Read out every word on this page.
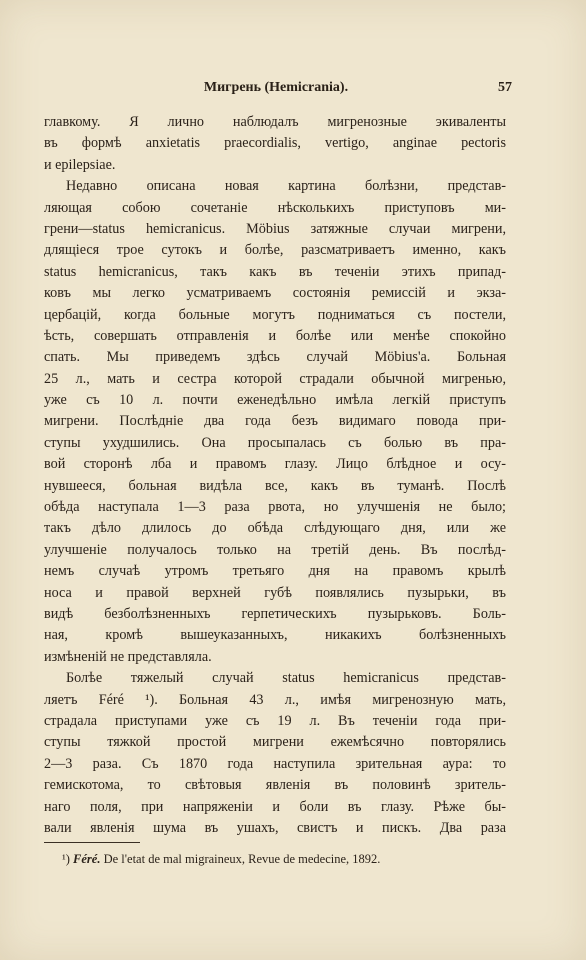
Мигрень (Hemicrania).	57
главкому. Я лично наблюдалъ мигренозные экиваленты
въ формѣ anxietatis praecordialis, vertigo, anginae pectoris
и epilepsiae.
Недавно описана новая картина болѣзни, представ-
ляющая собою сочетаніе нѣсколькихъ приступовъ ми-
грени—status hemicranicus. Möbius затяжные случаи мигрени,
длящіеся трое сутокъ и болѣе, разсматриваетъ именно, какъ
status hemicranicus, такъ какъ въ теченіи этихъ припад-
ковъ мы легко усматриваемъ состоянія ремиссій и экза-
цербацій, когда больные могутъ подниматься съ постели,
ѣсть, совершать отправленія и болѣе или менѣе спокойно
спать. Мы приведемъ здѣсь случай Möbius'а. Больная
25 л., мать и сестра которой страдали обычной мигренью,
уже съ 10 л. почти еженедѣльно имѣла легкій приступъ
мигрени. Послѣдніе два года безъ видимаго повода при-
ступы ухудшились. Она просыпалась съ болью въ пра-
вой сторонѣ лба и правомъ глазу. Лицо блѣдное и осу-
нувшееся, больная видѣла все, какъ въ туманѣ. Послѣ
обѣда наступала 1—3 раза рвота, но улучшенія не было;
такъ дѣло длилось до обѣда слѣдующаго дня, или же
улучшеніе получалось только на третій день. Въ послѣд-
немъ случаѣ утромъ третьяго дня на правомъ крылѣ
носа и правой верхней губѣ появлялись пузырьки, въ
видѣ безболѣзненныхъ герпетическихъ пузырьковъ. Боль-
ная, кромѣ вышеуказанныхъ, никакихъ болѣзненныхъ
измѣненій не представляла.
Болѣе тяжелый случай status hemicranicus представ-
ляетъ Féré ¹). Больная 43 л., имѣя мигренозную мать,
страдала приступами уже съ 19 л. Въ теченіи года при-
ступы тяжкой простой мигрени ежемѣсячно повторялись
2—3 раза. Съ 1870 года наступила зрительная аура: то
гемискотома, то свѣтовыя явленія въ половинѣ зритель-
наго поля, при напряженіи и боли въ глазу. Рѣже бы-
вали явленія шума въ ушахъ, свистъ и пискъ. Два раза
¹) Féré. De l'etat de mal migraineux, Revue de medecine, 1892.
